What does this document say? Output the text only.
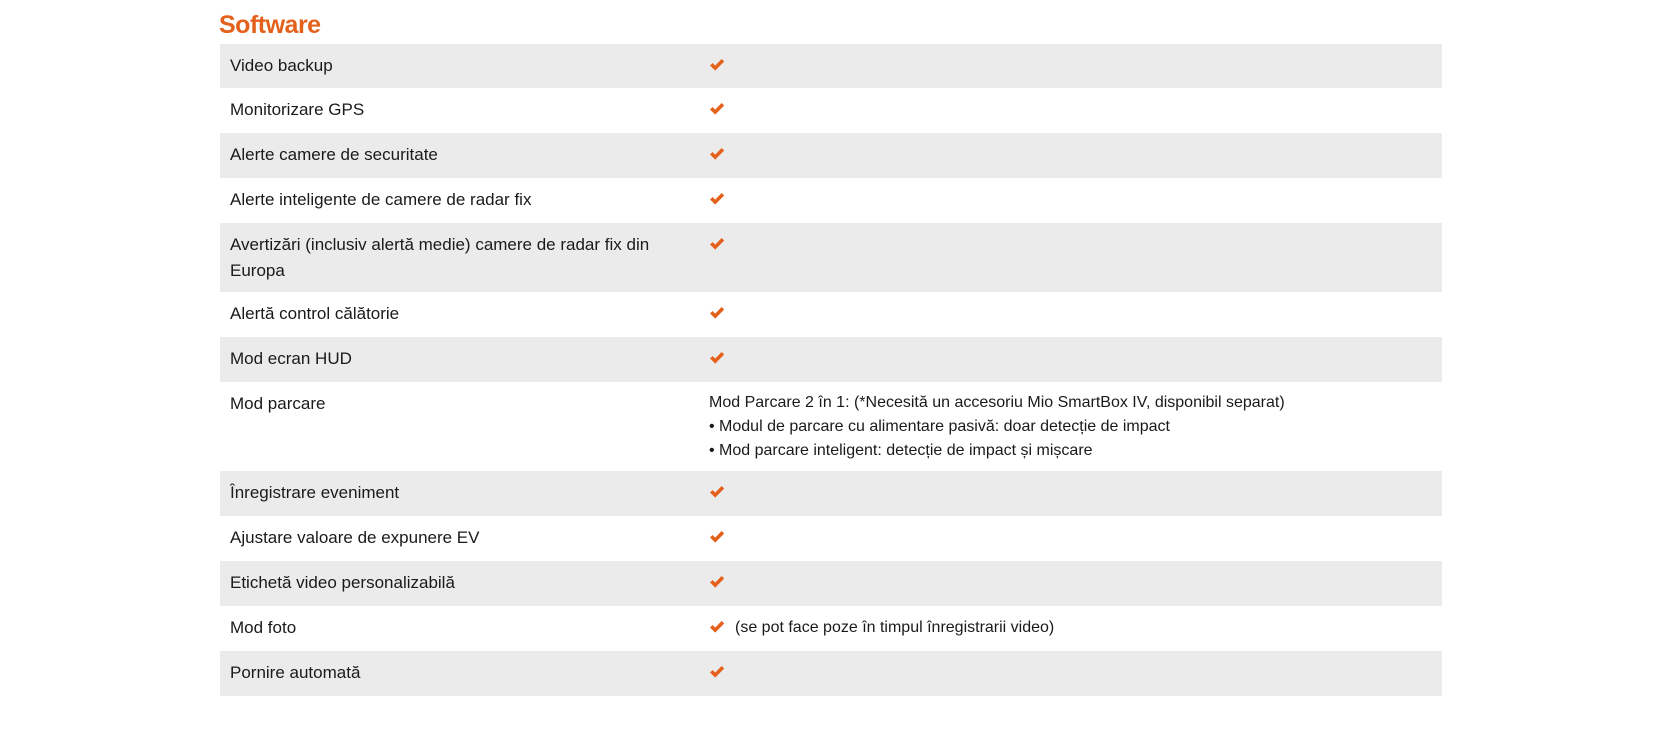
Software
Video backup
Monitorizare GPS
Alerte camere de securitate
Alerte inteligente de camere de radar fix
Avertizări (inclusiv alertă medie) camere de radar fix din Europa
Alertă control călătorie
Mod ecran HUD
Mod parcare	Mod Parcare 2 în 1: (*Necesită un accesoriu Mio SmartBox IV, disponibil separat)
• Modul de parcare cu alimentare pasivă: doar detecție de impact
• Mod parcare inteligent: detecție de impact și mișcare
Înregistrare eveniment
Ajustare valoare de expunere EV
Etichetă video personalizabilă
Mod foto	(se pot face poze în timpul înregistrarii video)
Pornire automată
